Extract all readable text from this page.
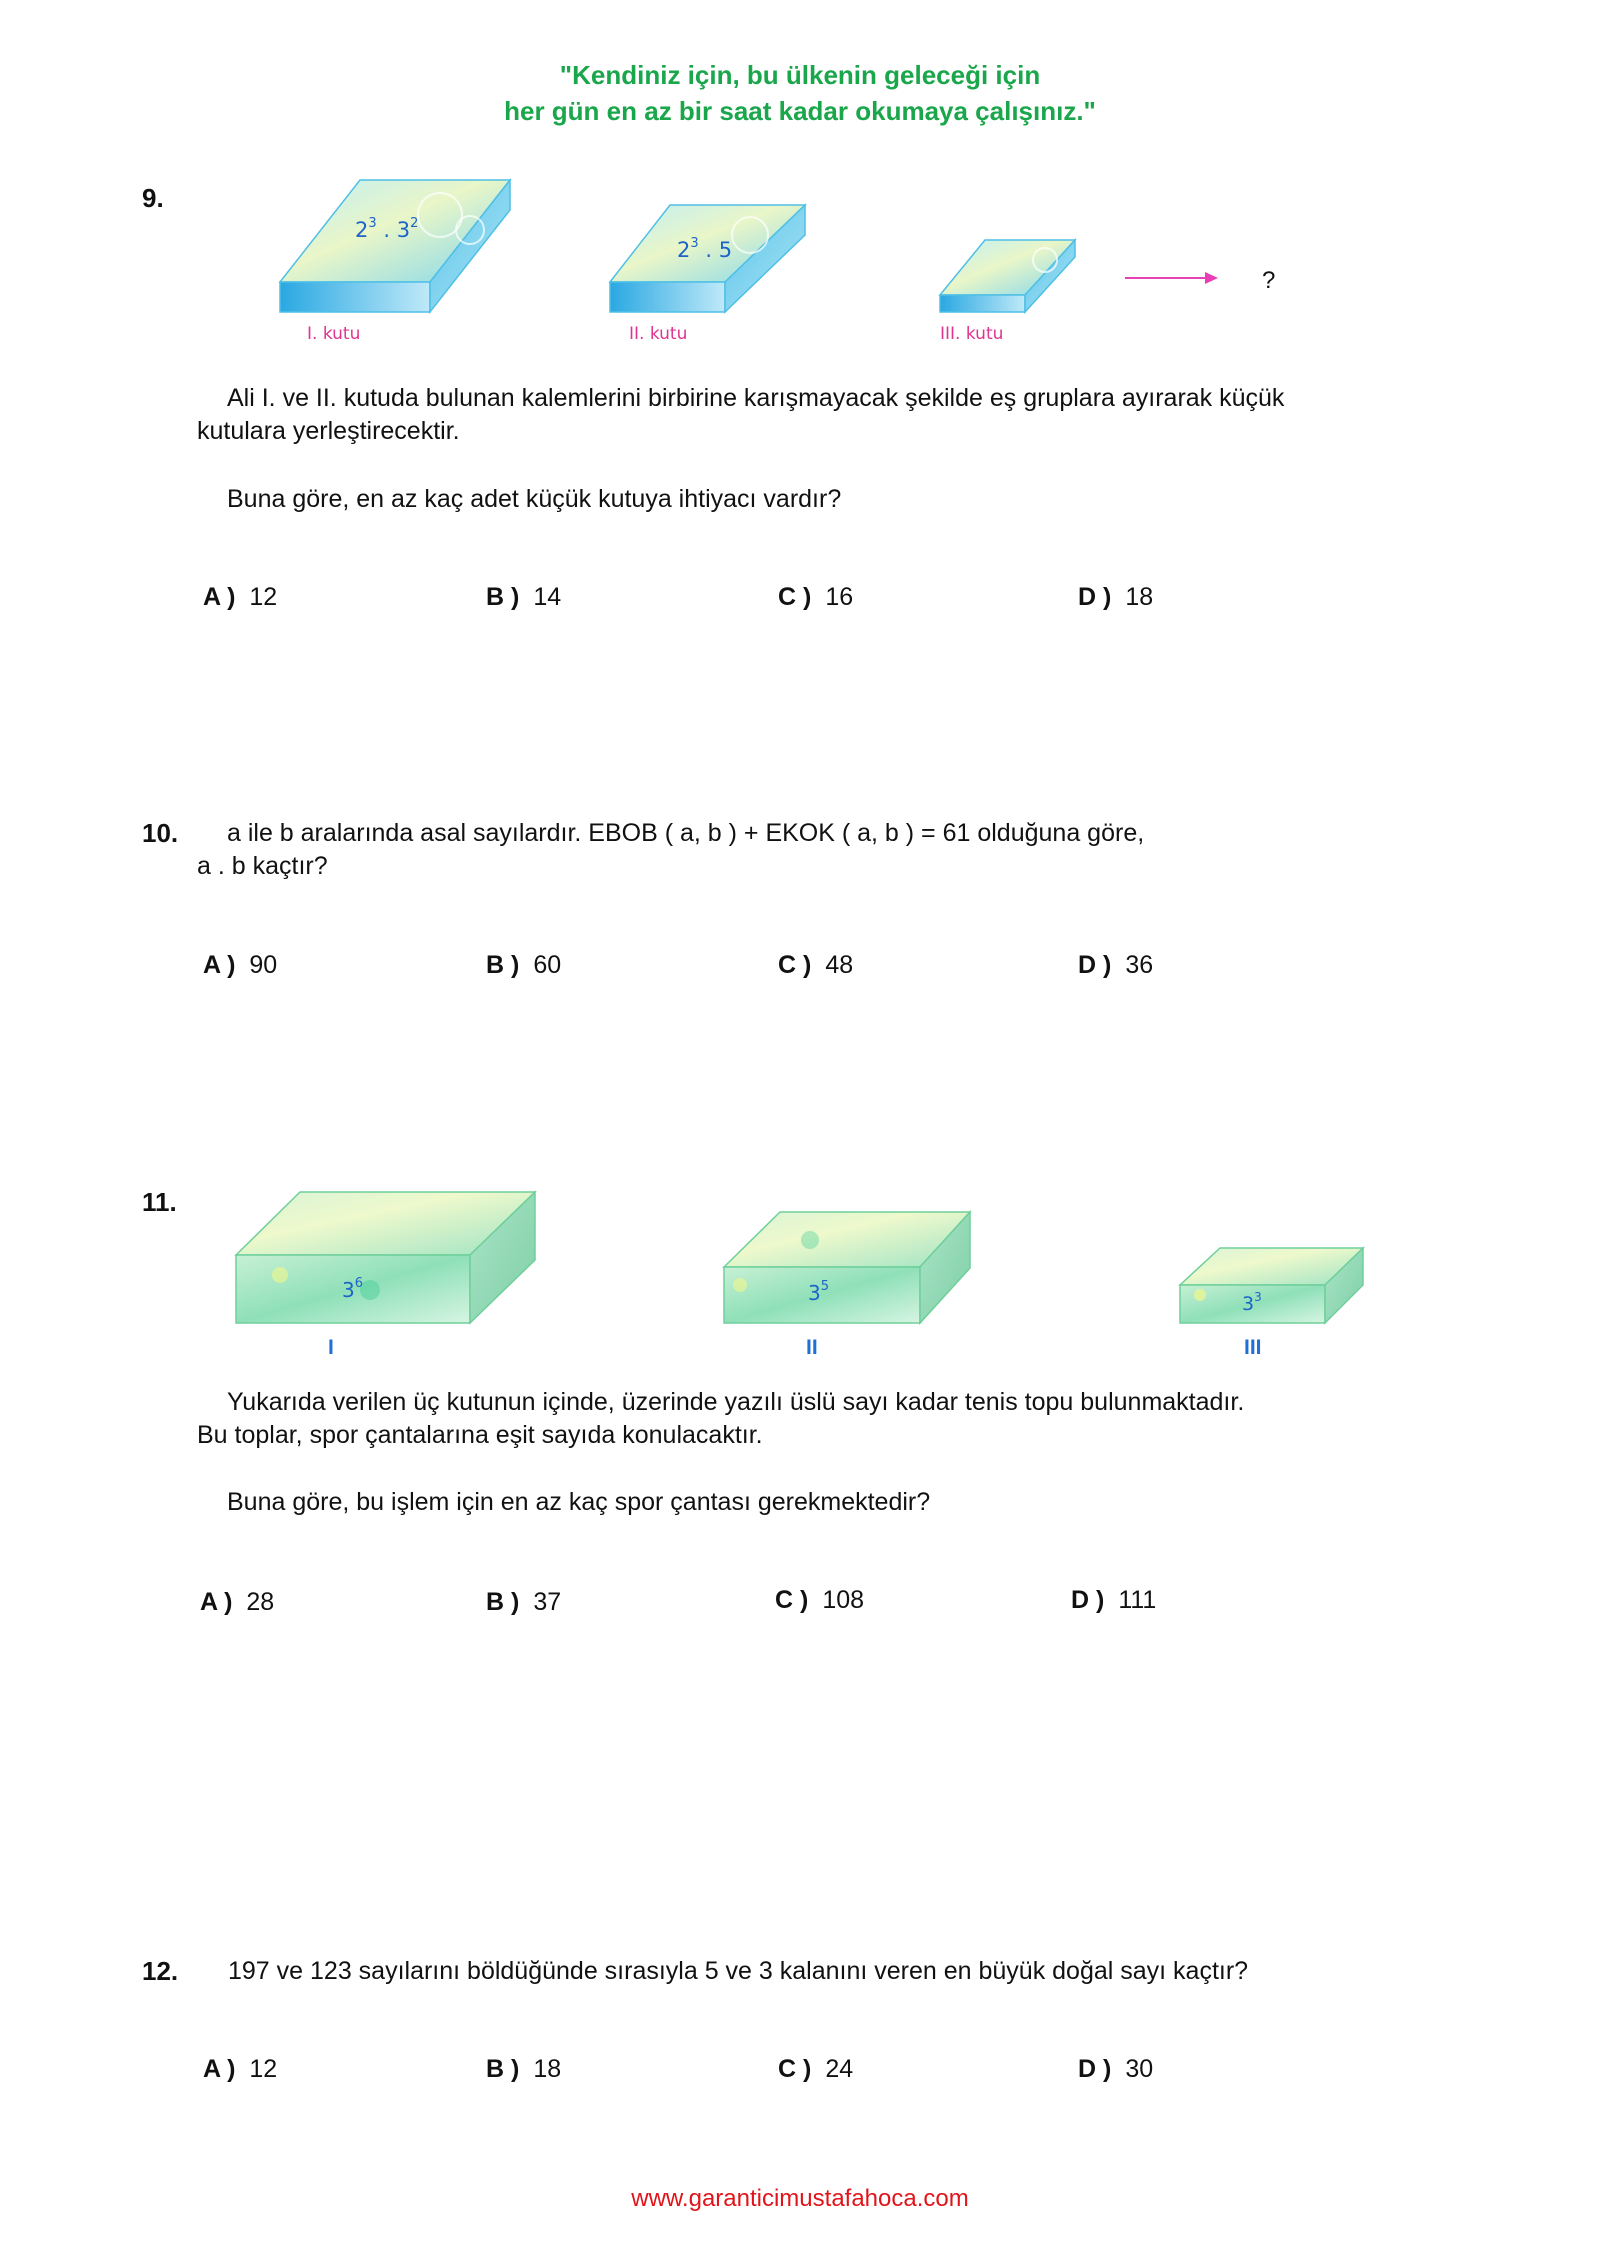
"Kendiniz için, bu ülkenin geleceği için
her gün en az bir saat kadar okumaya çalışınız."
9.
$2^3$ . $3^2$
$2^3$ . 5
?
I. kutu	II. kutu	III. kutu
Ali I. ve II. kutuda bulunan kalemlerini birbirine karışmayacak şekilde eş gruplara ayırarak küçük
kutulara yerleştirecektir.
Buna göre, en az kaç adet küçük kutuya ihtiyacı vardır?
A ) 12	B ) 14	C ) 16	D ) 18
10. a ile b aralarında asal sayılardır. EBOB ( a, b ) + EKOK ( a, b ) = 61 olduğuna göre,
a . b kaçtır?
A ) 90	B ) 60	C ) 48	D ) 36
11.
$3^6$	$3^5$
$3^3$
I	II	III
Yukarıda verilen üç kutunun içinde, üzerinde yazılı üslü sayı kadar tenis topu bulunmaktadır.
Bu toplar, spor çantalarına eşit sayıda konulacaktır.
Buna göre, bu işlem için en az kaç spor çantası gerekmektedir?
A ) 28	B ) 37	C ) 108	D ) 111
12. 197 ve 123 sayılarını böldüğünde sırasıyla 5 ve 3 kalanını veren en büyük doğal sayı kaçtır?
A ) 12	B ) 18	C ) 24	D ) 30
www.garanticimustafahoca.com
